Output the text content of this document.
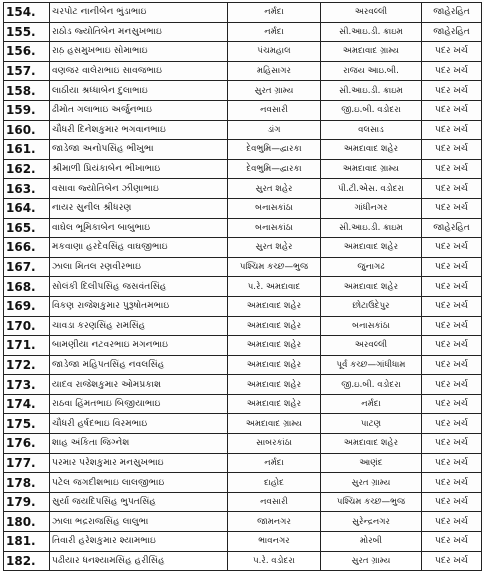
154.	ચરપોટ નાનીબેન ભુંડાભાઇ	નર્મદા	અરવલ્લી	જાહેરહિત
155.	રાઠોડ જ્યોતિબેન મનસુખભાઇ	નર્મદા	સી.આઇ.ડી. ક્રાઇમ	જાહેરહિત
156.	રાઠ઼ હસમુખભાઇ સોમાભાઇ	પંચમહાલ	અમદાવાદ ગ્રામ્ય	પદર ખર્ચ
157.	વણજર વાલેરાભાઇ સાવજભાઇ	મહિસાગર	રાજય આઇ.બી.	પદર ખર્ચ
158.	લાઠીયા શ્રધ્ધાબેન દુલાભાઇ	સુરત ગ્રામ્ય	સી.આઇ.ડી. ક્રાઇમ	પદર ખર્ચ
159.	ઢીમોત ગલાભાઇ અર્જુનભાઇ	નવસારી	જી.ઇ.બી. વડોદરા	પદર ખર્ચ
160.	ચૌધરી દિનેશકુમાર ભગવાનભાઇ	ડાંગ	વલસાડ	પદર ખર્ચ
161.	જાડેજા અનોપસિંહ ભીખુભા	દેવભુમિ—દ્વારકા	અમદાવાદ શહેર	પદર ખર્ચ
162.	શ્રીમાળી પ્રિયંકાબેન ભીખાભાઇ	દેવભુમિ—દ્વારકા	અમદાવાદ ગ્રામ્ય	પદર ખર્ચ
163.	વસાવા જ્યોતિબેન ઝીણાભાઇ	સુરત શહેર	પી.ટી.એસ. વડોદરા	પદર ખર્ચ
164.	નાયર સુનીલ શ્રીધરણ	બનાસકાંઠા	ગાંધીનગર	પદર ખર્ચ
165.	વાઘેલ ભૂમિકાબેન બાબુભાઇ	બનાસકાંઠા	સી.આઇ.ડી. ક્રાઇમ	જાહેરહિત
166.	મકવાણા હરદેવસિંહ વાઘજીભાઇ	સુરત શહેર	અમદાવાદ શહેર	પદર ખર્ચ
167.	ઝાલા મિતલ રણવીરભાઇ	પશ્ચિમ કચ્છ—ભુજ	જુનાગઢ	પદર ખર્ચ
168.	સોલંકી દિલીપસિંહ જસવંતસિંહ	પ.રે. અમદાવાદ	અમદાવાદ શહેર	પદર ખર્ચ
169.	વિકણ રાજેશકુમાર પુરૂષોતમભાઇ	અમદાવાદ શહેર	છોટાઉદેપુર	પદર ખર્ચ
170.	ચાવડા કરણસિંહ રામસિંહ	અમદાવાદ શહેર	બનાસકાંઠા	પદર ખર્ચ
171.	બામણીયા નટવરભાઇ મગનભાઇ	અમદાવાદ શહેર	અરવલ્લી	પદર ખર્ચ
172.	જાડેજા મહિપતસિંહ નવલસિંહ	અમદાવાદ શહેર	પૂર્વ કચ્છ—ગાંધીધામ	પદર ખર્ચ
173.	યાદવ રાજેશકુમાર ઓમપ્રકાશ	અમદાવાદ શહેર	જી.ઇ.બી. વડોદરા	પદર ખર્ચ
174.	રાઠવા હિંમતભાઇ બિજીયાભાઇ	અમદાવાદ શહેર	નર્મદા	પદર ખર્ચ
175.	ચૌધરી હર્ષદભાઇ વિરમભાઇ	અમદાવાદ ગ્રામ્ય	પાટણ	પદર ખર્ચ
176.	શાહ અંકિતા જિગ્નેશ	સાબરકાંઠા	અમદાવાદ શહેર	પદર ખર્ચ
177.	પરમાર પરેશકુમાર મનસુખભાઇ	નર્મદા	આણંદ	પદર ખર્ચ
178.	પટેલ જગદીશભાઇ લાલજીભાઇ	દાહોદ	સુરત ગ્રામ્ય	પદર ખર્ચ
179.	સુર્યા જયદિપસિંહ ભુપતસિંહ	નવસારી	પશ્ચિમ કચ્છ—ભુજ	પદર ખર્ચ
180.	ઝાલા ભદ્રરાજસિંહ લાલુભા	જામનગર	સુરેન્દ્રનગર	પદર ખર્ચ
181.	તિવારી હરેશકુમાર શ્યામભાઇ	ભાવનગર	મોરબી	પદર ખર્ચ
182.	પઢીયાર ધનશ્યામસિંહ હરીસિંહ	પ.રે. વડોદરા	સુરત ગ્રામ્ય	પદર ખર્ચ
